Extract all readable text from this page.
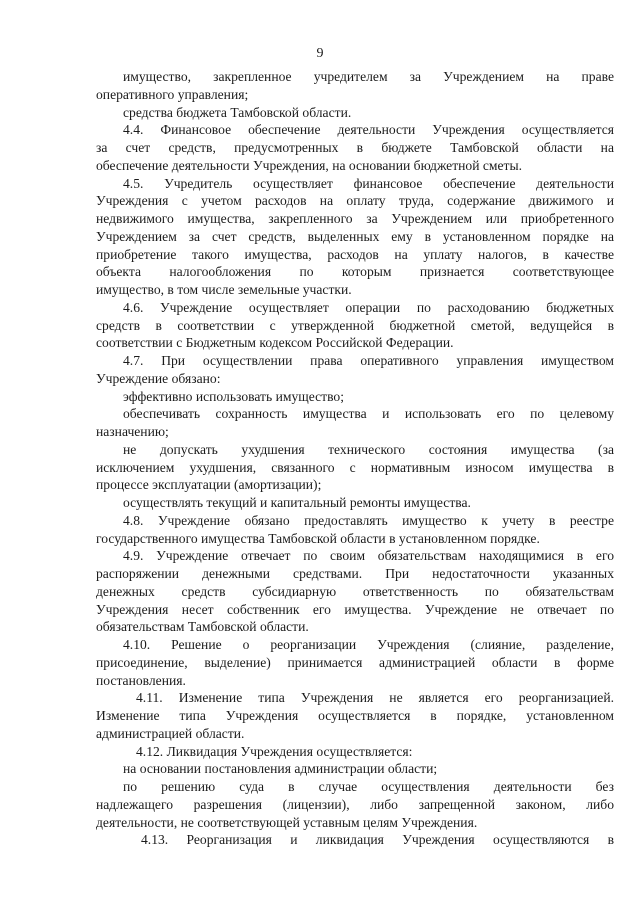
9
имущество, закрепленное учредителем за Учреждением на праве
оперативного управления;
средства бюджета Тамбовской области.
4.4. Финансовое обеспечение деятельности Учреждения осуществляется
за счет средств, предусмотренных в бюджете Тамбовской области на
обеспечение деятельности Учреждения, на основании бюджетной сметы.
4.5. Учредитель осуществляет финансовое обеспечение деятельности
Учреждения с учетом расходов на оплату труда, содержание движимого и
недвижимого имущества, закрепленного за Учреждением или приобретенного
Учреждением за счет средств, выделенных ему в установленном порядке на
приобретение такого имущества, расходов на уплату налогов, в качестве
объекта налогообложения по которым признается соответствующее
имущество, в том числе земельные участки.
4.6. Учреждение осуществляет операции по расходованию бюджетных
средств в соответствии с утвержденной бюджетной сметой, ведущейся в
соответствии с Бюджетным кодексом Российской Федерации.
4.7. При осуществлении права оперативного управления имуществом
Учреждение обязано:
эффективно использовать имущество;
обеспечивать сохранность имущества и использовать его по целевому
назначению;
не допускать ухудшения технического состояния имущества (за
исключением ухудшения, связанного с нормативным износом имущества в
процессе эксплуатации (амортизации);
осуществлять текущий и капитальный ремонты имущества.
4.8. Учреждение обязано предоставлять имущество к учету в реестре
государственного имущества Тамбовской области в установленном порядке.
4.9. Учреждение отвечает по своим обязательствам находящимися в его
распоряжении денежными средствами. При недостаточности указанных
денежных средств субсидиарную ответственность по обязательствам
Учреждения несет собственник его имущества. Учреждение не отвечает по
обязательствам Тамбовской области.
4.10. Решение о реорганизации Учреждения (слияние, разделение,
присоединение, выделение) принимается администрацией области в форме
постановления.
4.11. Изменение типа Учреждения не является его реорганизацией.
Изменение типа Учреждения осуществляется в порядке, установленном
администрацией области.
4.12. Ликвидация Учреждения осуществляется:
на основании постановления администрации области;
по решению суда в случае осуществления деятельности без
надлежащего разрешения (лицензии), либо запрещенной законом, либо
деятельности, не соответствующей уставным целям Учреждения.
4.13. Реорганизация и ликвидация Учреждения осуществляются в
